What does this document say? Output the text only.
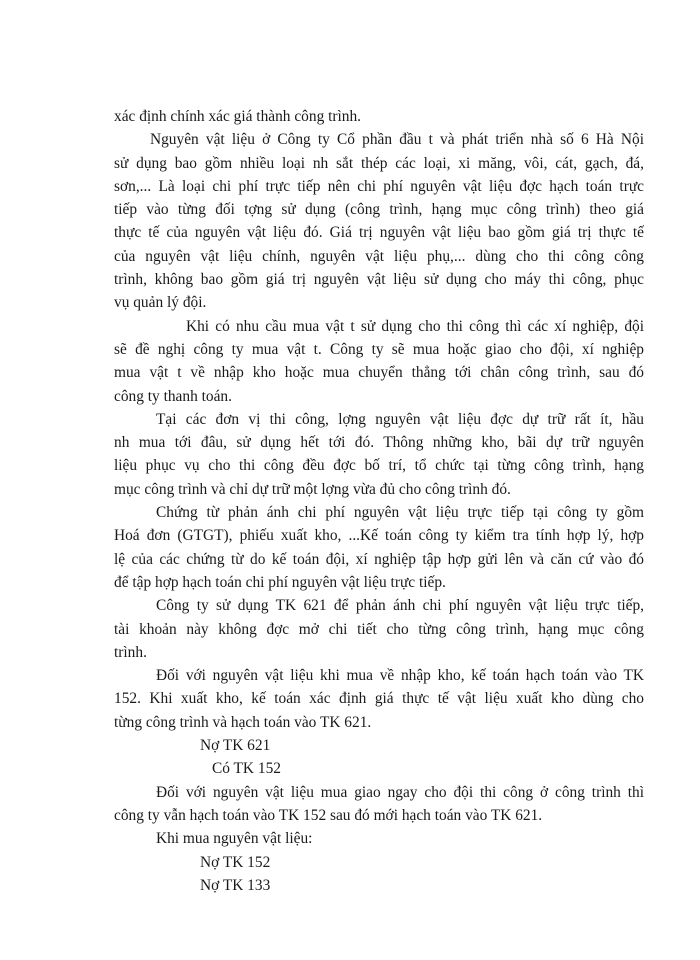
xác định chính xác giá thành công trình.
Nguyên vật liệu ở Công ty Cổ phần đầu t và phát triển nhà số 6 Hà Nội
sử dụng bao gồm nhiều loại nh sắt thép các loại, xi măng, vôi, cát, gạch, đá,
sơn,... Là loại chi phí trực tiếp nên chi phí nguyên vật liệu đợc hạch toán trực
tiếp vào từng đối tợng sử dụng (công trình, hạng mục công trình) theo giá
thực tế của nguyên vật liệu đó. Giá trị nguyên vật liệu bao gồm giá trị thực tế
của nguyên vật liệu chính, nguyên vật liệu phụ,... dùng cho thi công công
trình, không bao gồm giá trị nguyên vật liệu sử dụng cho máy thi công, phục
vụ quản lý đội.
Khi có nhu cầu mua vật t sử dụng cho thi công thì các xí nghiệp, đội
sẽ đề nghị công ty mua vật t. Công ty sẽ mua hoặc giao cho đội, xí nghiệp
mua vật t về nhập kho hoặc mua chuyển thẳng tới chân công trình, sau đó
công ty thanh toán.
Tại các đơn vị thi công, lợng nguyên vật liệu đợc dự trữ rất ít, hầu
nh mua tới đâu, sử dụng hết tới đó. Thông những kho, bãi dự trữ nguyên
liệu phục vụ cho thi công đều đợc bố trí, tổ chức tại từng công trình, hạng
mục công trình và chỉ dự trữ một lợng vừa đủ cho công trình đó.
Chứng từ phản ánh chi phí nguyên vật liệu trực tiếp tại công ty gồm
Hoá đơn (GTGT), phiếu xuất kho, ...Kế toán công ty kiểm tra tính hợp lý, hợp
lệ của các chứng từ do kế toán đội, xí nghiệp tập hợp gửi lên và căn cứ vào đó
để tập hợp hạch toán chi phí nguyên vật liệu trực tiếp.
Công ty sử dụng TK 621 để phản ánh chi phí nguyên vật liệu trực tiếp,
tài khoản này không đợc mở chi tiết cho từng công trình, hạng mục công
trình.
Đối với nguyên vật liệu khi mua về nhập kho, kế toán hạch toán vào TK
152. Khi xuất kho, kế toán xác định giá thực tế vật liệu xuất kho dùng cho
từng công trình và hạch toán vào TK 621.
Nợ TK 621
Có TK 152
Đối với nguyên vật liệu mua giao ngay cho đội thi công ở công trình thì
công ty vẫn hạch toán vào TK 152 sau đó mới hạch toán vào TK 621.
Khi mua nguyên vật liệu:
Nợ TK 152
Nợ TK 133
